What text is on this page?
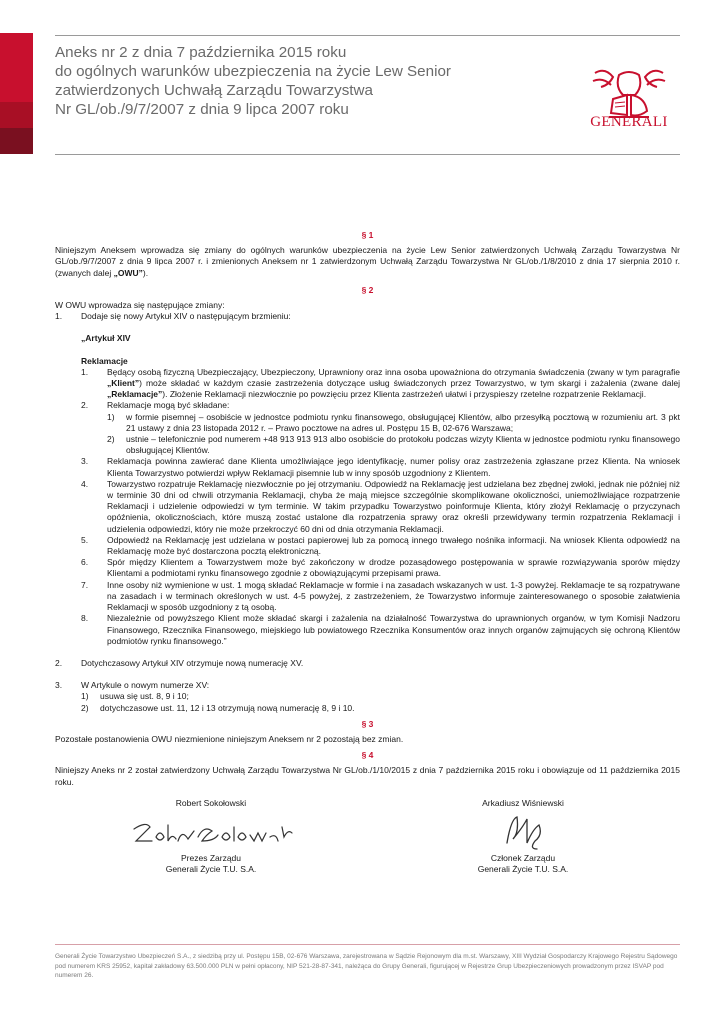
Aneks nr 2 z dnia 7 października 2015 roku
do ogólnych warunków ubezpieczenia na życie Lew Senior
zatwierdzonych Uchwałą Zarządu Towarzystwa
Nr GL/ob./9/7/2007 z dnia 9 lipca 2007 roku
GENERALI
§ 1
Niniejszym Aneksem wprowadza się zmiany do ogólnych warunków ubezpieczenia na życie Lew Senior zatwierdzonych Uchwałą Zarządu Towarzystwa Nr GL/ob./9/7/2007 z dnia 9 lipca 2007 r. i zmienionych Aneksem nr 1 zatwierdzonym Uchwałą Zarządu Towarzystwa Nr GL/ob./1/8/2010 z dnia 17 sierpnia 2010 r. (zwanych dalej „OWU”).
§ 2
W OWU wprowadza się następujące zmiany:
1.	Dodaje się nowy Artykuł XIV o następującym brzmieniu:
„Artykuł XIV
Reklamacje
1.	Będący osobą fizyczną Ubezpieczający, Ubezpieczony, Uprawniony oraz inna osoba upoważniona do otrzymania świadczenia (zwany w tym paragrafie „Klient”) może składać w każdym czasie zastrzeżenia dotyczące usług świadczonych przez Towarzystwo, w tym skargi i zażalenia (zwane dalej „Reklamacje”). Złożenie Reklamacji niezwłocznie po powzięciu przez Klienta zastrzeżeń ułatwi i przyspieszy rzetelne rozpatrzenie Reklamacji.
2.	Reklamacje mogą być składane:
1)	w formie pisemnej – osobiście w jednostce podmiotu rynku finansowego, obsługującej Klientów, albo przesyłką pocztową w rozumieniu art. 3 pkt 21 ustawy z dnia 23 listopada 2012 r. – Prawo pocztowe na adres ul. Postępu 15 B, 02-676 Warszawa;
2)	ustnie – telefonicznie pod numerem +48 913 913 913 albo osobiście do protokołu podczas wizyty Klienta w jednostce podmiotu rynku finansowego obsługującej Klientów.
3.	Reklamacja powinna zawierać dane Klienta umożliwiające jego identyfikację, numer polisy oraz zastrzeżenia zgłaszane przez Klienta. Na wniosek Klienta Towarzystwo potwierdzi wpływ Reklamacji pisemnie lub w inny sposób uzgodniony z Klientem.
4.	Towarzystwo rozpatruje Reklamację niezwłocznie po jej otrzymaniu. Odpowiedź na Reklamację jest udzielana bez zbędnej zwłoki, jednak nie później niż w terminie 30 dni od chwili otrzymania Reklamacji, chyba że mają miejsce szczególnie skomplikowane okoliczności, uniemożliwiające rozpatrzenie Reklamacji i udzielenie odpowiedzi w tym terminie. W takim przypadku Towarzystwo poinformuje Klienta, który złożył Reklamację o przyczynach opóźnienia, okolicznościach, które muszą zostać ustalone dla rozpatrzenia sprawy oraz określi przewidywany termin rozpatrzenia Reklamacji i udzielenia odpowiedzi, który nie może przekroczyć 60 dni od dnia otrzymania Reklamacji.
5.	Odpowiedź na Reklamację jest udzielana w postaci papierowej lub za pomocą innego trwałego nośnika informacji. Na wniosek Klienta odpowiedź na Reklamację może być dostarczona pocztą elektroniczną.
6.	Spór między Klientem a Towarzystwem może być zakończony w drodze pozasądowego postępowania w sprawie rozwiązywania sporów między Klientami a podmiotami rynku finansowego zgodnie z obowiązującymi przepisami prawa.
7.	Inne osoby niż wymienione w ust. 1 mogą składać Reklamacje w formie i na zasadach wskazanych w ust. 1-3 powyżej. Reklamacje te są rozpatrywane na zasadach i w terminach określonych w ust. 4-5 powyżej, z zastrzeżeniem, że Towarzystwo informuje zainteresowanego o sposobie załatwienia Reklamacji w sposób uzgodniony z tą osobą.
8.	Niezależnie od powyższego Klient może składać skargi i zażalenia na działalność Towarzystwa do uprawnionych organów, w tym Komisji Nadzoru Finansowego, Rzecznika Finansowego, miejskiego lub powiatowego Rzecznika Konsumentów oraz innych organów zajmujących się ochroną Klientów podmiotów rynku finansowego.”
2.	Dotychczasowy Artykuł XIV otrzymuje nową numerację XV.
3.	W Artykule o nowym numerze XV:
1)	usuwa się ust. 8, 9 i 10;
2)	dotychczasowe ust. 11, 12 i 13 otrzymują nową numerację 8, 9 i 10.
§ 3
Pozostałe postanowienia OWU niezmienione niniejszym Aneksem nr 2 pozostają bez zmian.
§ 4
Niniejszy Aneks nr 2 został zatwierdzony Uchwałą Zarządu Towarzystwa Nr GL/ob./1/10/2015 z dnia 7 października 2015 roku i obowiązuje od 11 października 2015 roku.
Robert Sokołowski
Prezes Zarządu
Generali Życie T.U. S.A.
Arkadiusz Wiśniewski
Członek Zarządu
Generali Życie T.U. S.A.
Generali Życie Towarzystwo Ubezpieczeń S.A., z siedzibą przy ul. Postępu 15B, 02-676 Warszawa, zarejestrowana w Sądzie Rejonowym dla m.st. Warszawy, XIII Wydział Gospodarczy Krajowego Rejestru Sądowego pod numerem KRS 25952, kapitał zakładowy 63.500.000 PLN w pełni opłacony, NIP 521-28-87-341, należąca do Grupy Generali, figurującej w Rejestrze Grup Ubezpieczeniowych prowadzonym przez ISVAP pod numerem 26.
